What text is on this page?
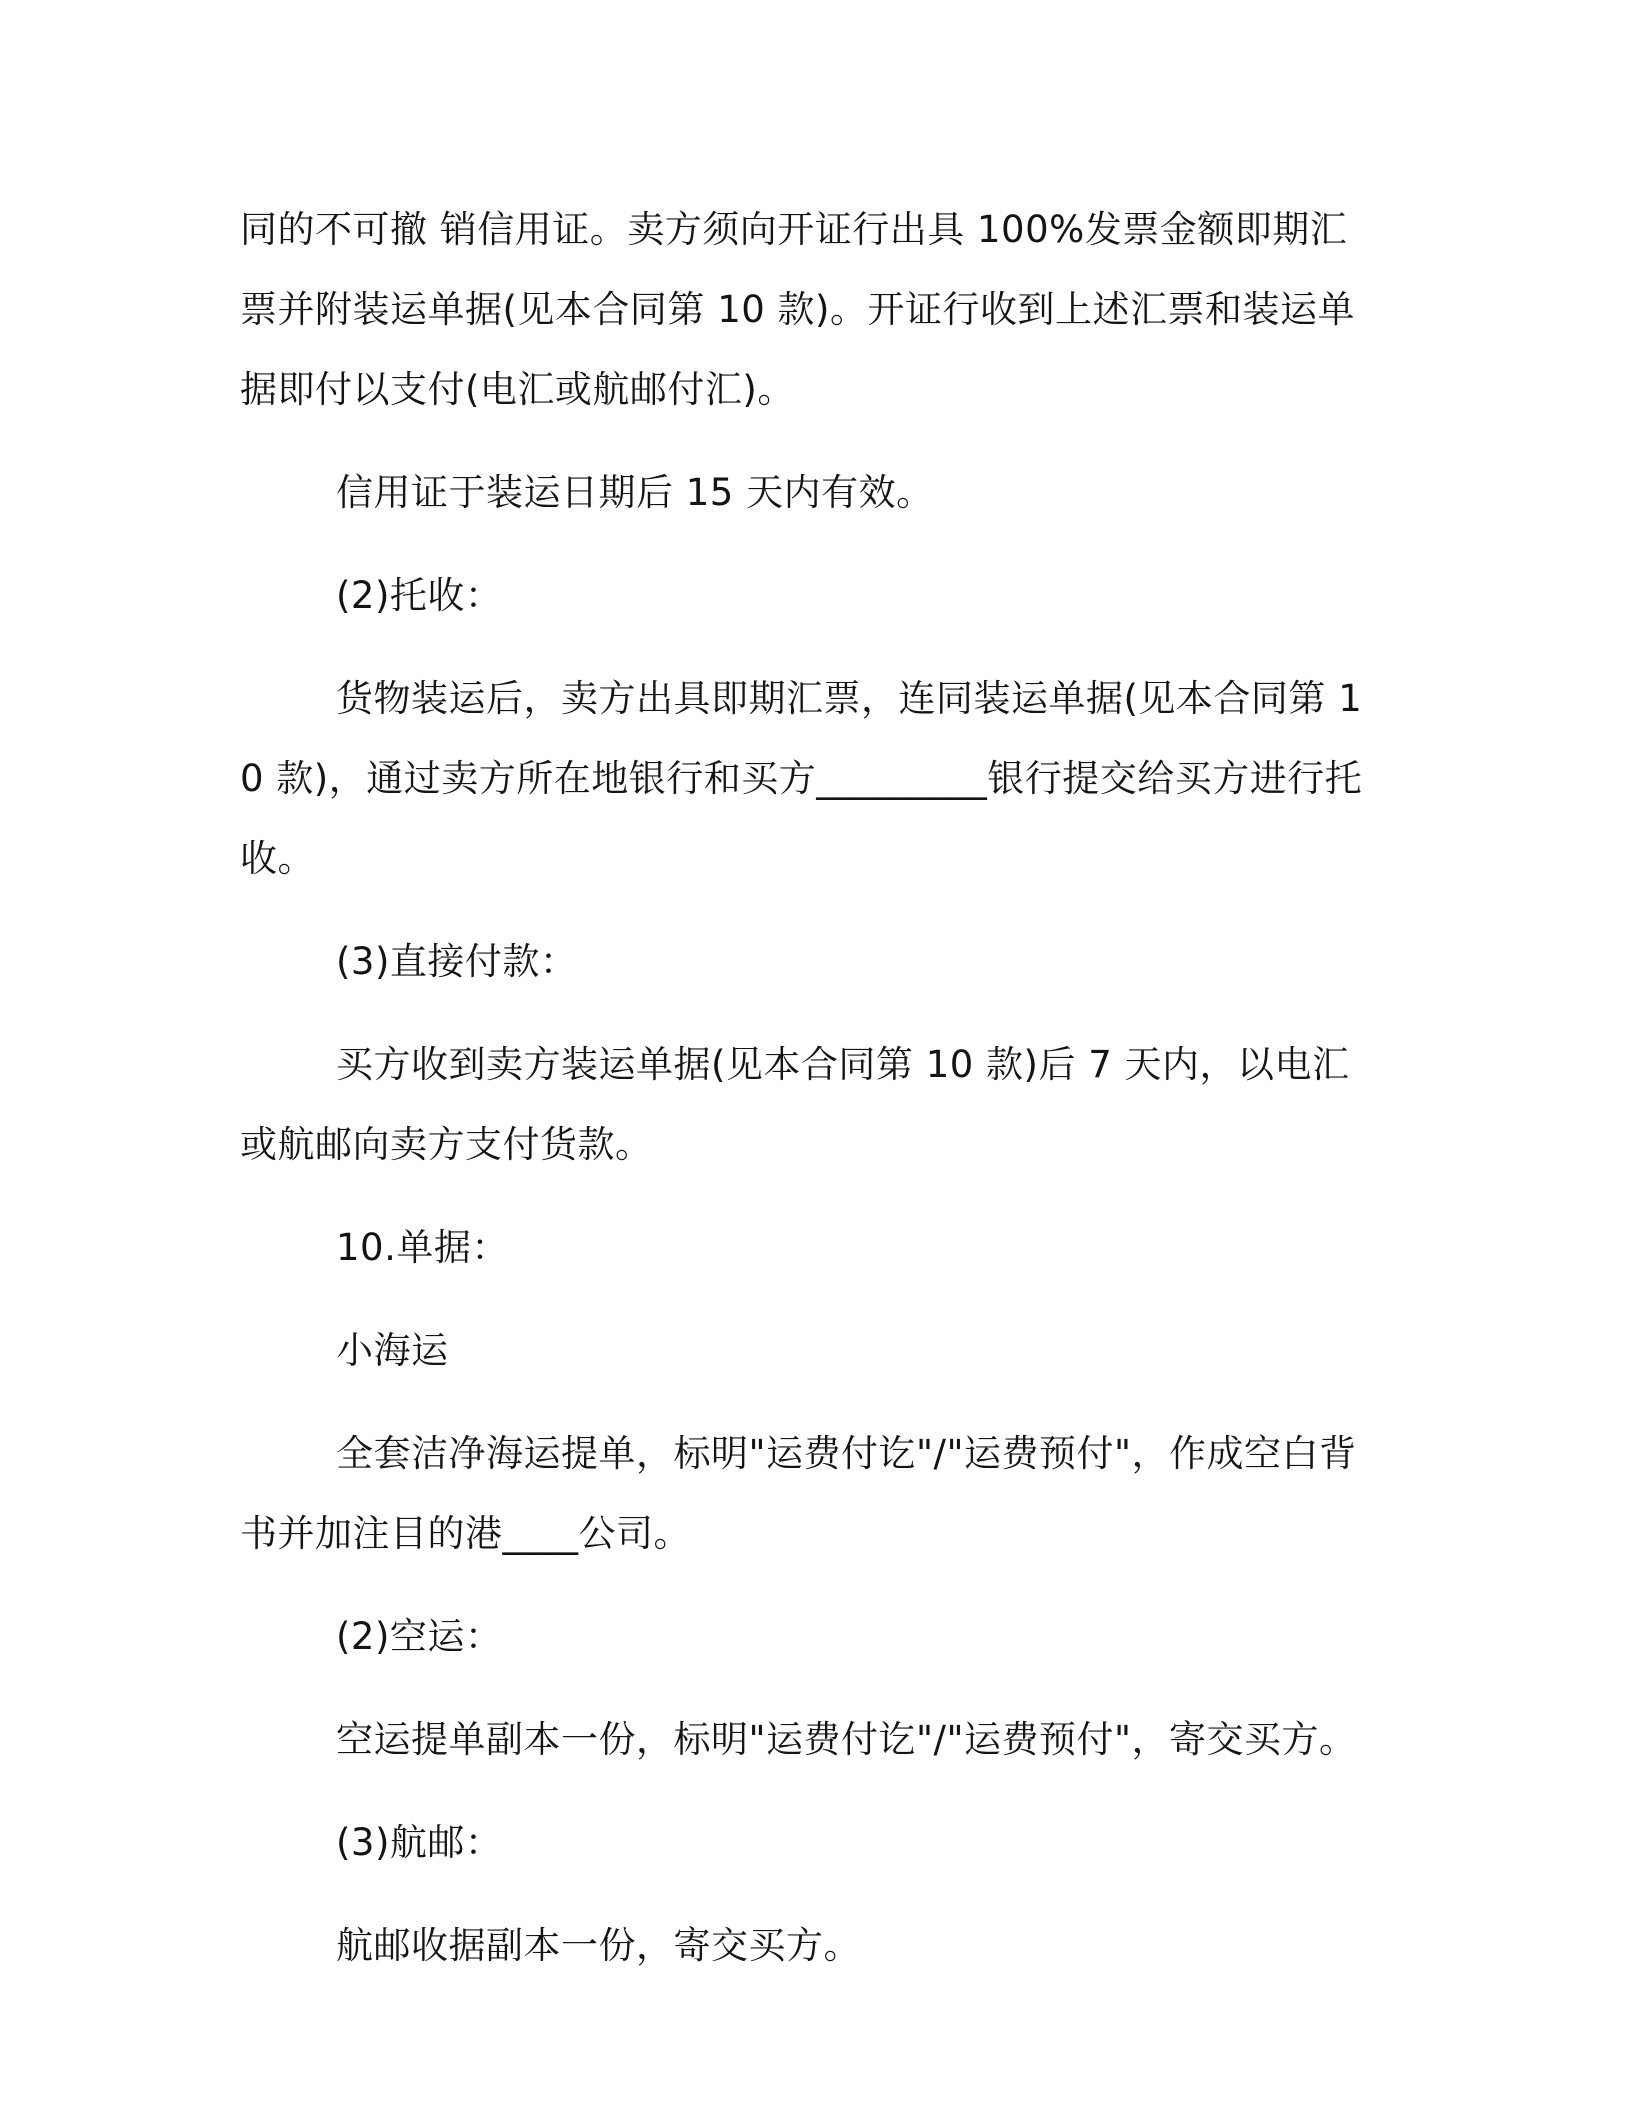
同的不可撤 销信用证。卖方须向开证行出具 100%发票金额即期汇票并附装运单据(见本合同第 10 款)。开证行收到上述汇票和装运单据即付以支付(电汇或航邮付汇)。

信用证于装运日期后 15 天内有效。

(2)托收：

货物装运后，卖方出具即期汇票，连同装运单据(见本合同第 10 款)，通过卖方所在地银行和买方_________银行提交给买方进行托收。

(3)直接付款：

买方收到卖方装运单据(见本合同第 10 款)后 7 天内，以电汇或航邮向卖方支付货款。

10.单据：

小海运

全套洁净海运提单，标明"运费付讫"/"运费预付"，作成空白背书并加注目的港____公司。

(2)空运：

空运提单副本一份，标明"运费付讫"/"运费预付"，寄交买方。

(3)航邮：

航邮收据副本一份，寄交买方。
